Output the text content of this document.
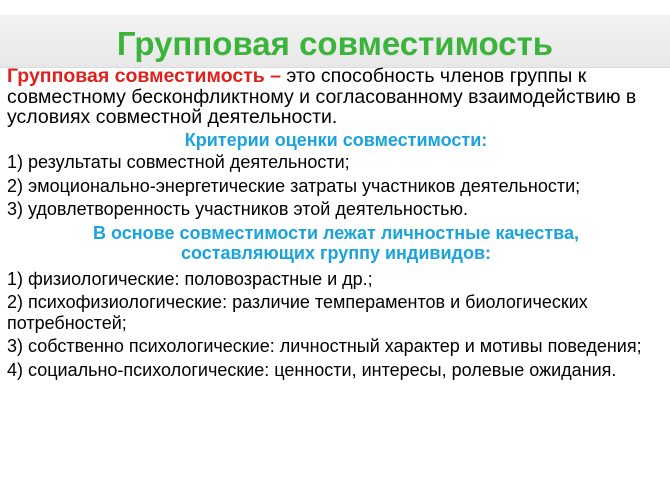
Групповая совместимость

Групповая совместимость – это способность членов группы к совместному бесконфликтному и согласованному взаимодействию в условиях совместной деятельности.

Критерии оценки совместимости:

1) результаты совместной деятельности;

2) эмоционально-энергетические затраты участников деятельности;

3) удовлетворенность участников этой деятельностью.

В основе совместимости лежат личностные качества,
составляющих группу индивидов:

1) физиологические: половозрастные и др.;

2) психофизиологические: различие темпераментов и биологических потребностей;

3) собственно психологические: личностный характер и мотивы поведения;

4) социально-психологические: ценности, интересы, ролевые ожидания.
